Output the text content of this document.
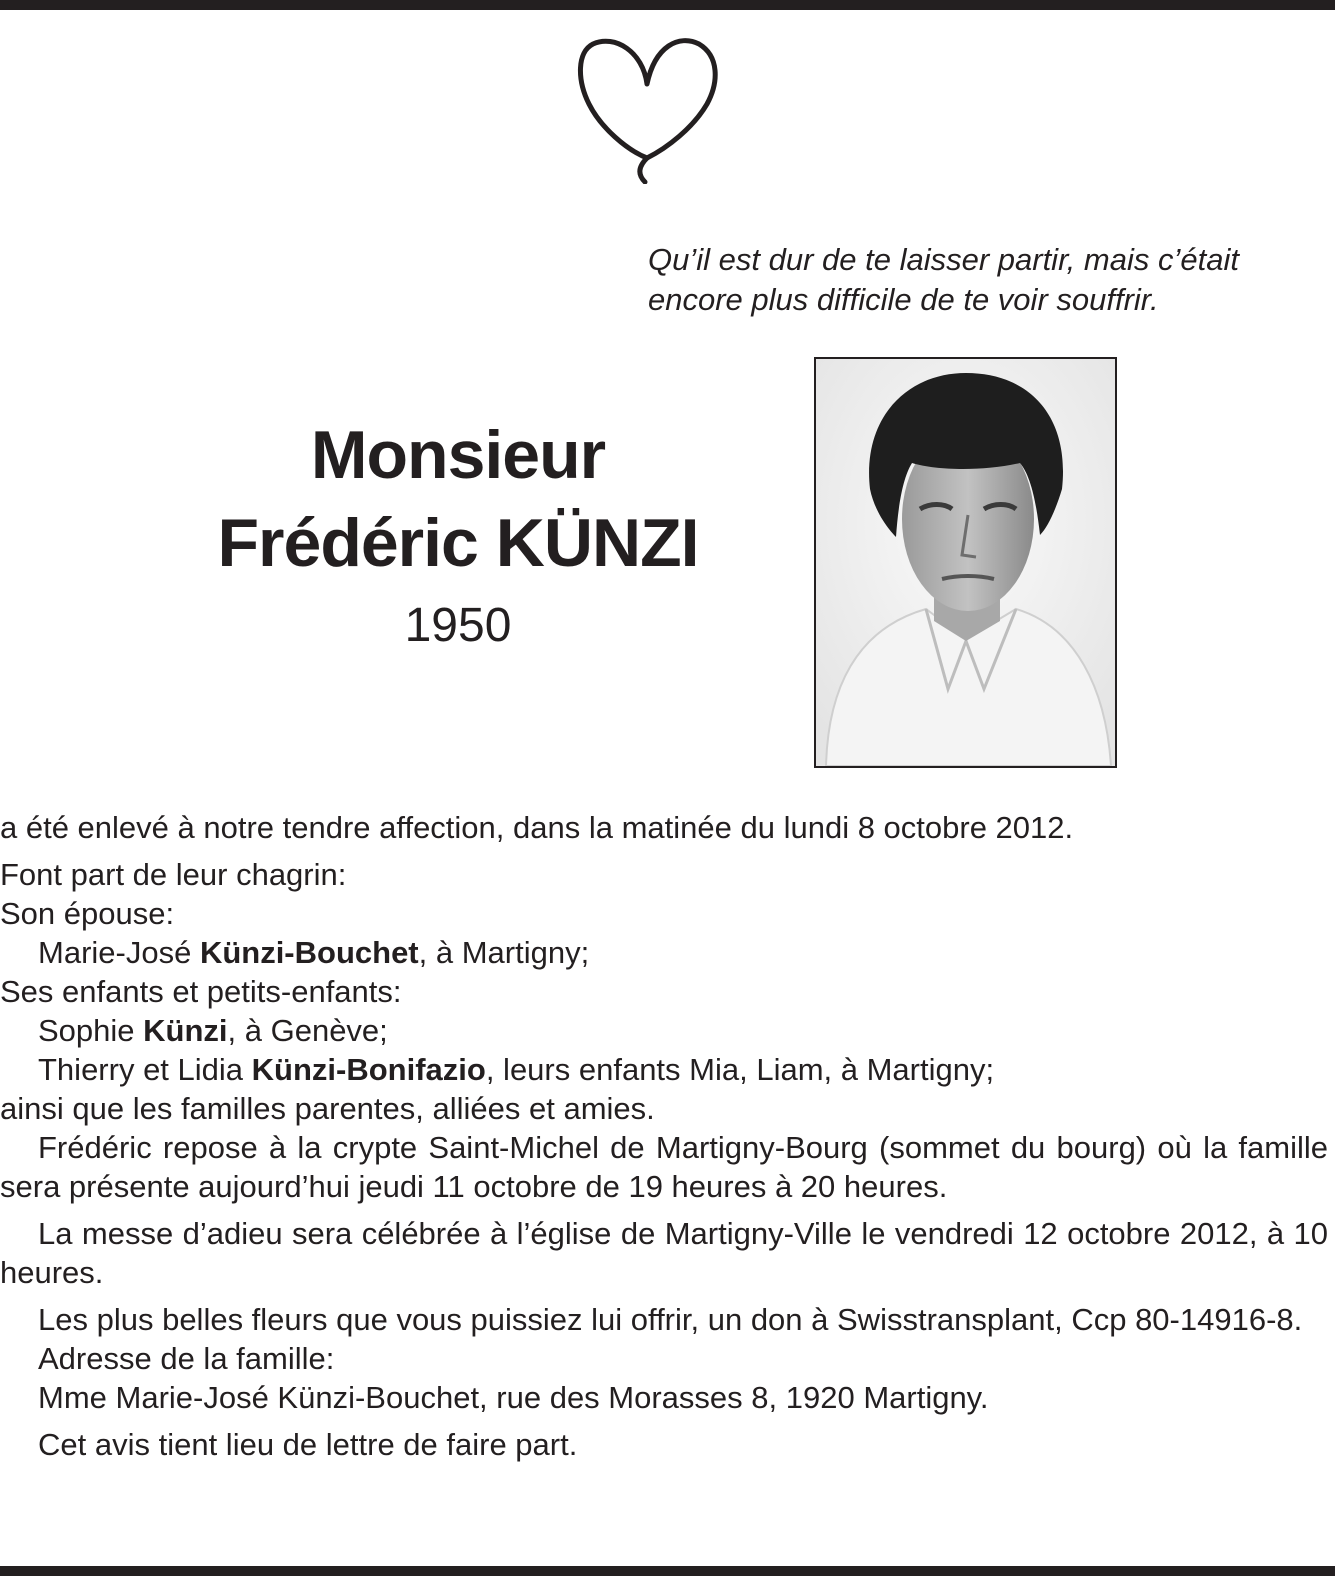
Qu’il est dur de te laisser partir, mais c’était
encore plus difficile de te voir souffrir.
Monsieur
Frédéric KÜNZI
1950

a été enlevé à notre tendre affection, dans la matinée du lundi 8 octobre 2012.

Font part de leur chagrin:

Son épouse:

Marie-José Künzi-Bouchet, à Martigny;

Ses enfants et petits-enfants:

Sophie Künzi, à Genève;

Thierry et Lidia Künzi-Bonifazio, leurs enfants Mia, Liam, à Martigny;

ainsi que les familles parentes, alliées et amies.

Frédéric repose à la crypte Saint-Michel de Martigny-Bourg (sommet du bourg) où la famille sera présente aujourd’hui jeudi 11 octobre de 19 heures à 20 heures.

La messe d’adieu sera célébrée à l’église de Martigny-Ville le vendredi 12 octobre 2012, à 10 heures.

Les plus belles fleurs que vous puissiez lui offrir, un don à Swisstransplant, Ccp 80-14916-8.

Adresse de la famille:

Mme Marie-José Künzi-Bouchet, rue des Morasses 8, 1920 Martigny.

Cet avis tient lieu de lettre de faire part.
